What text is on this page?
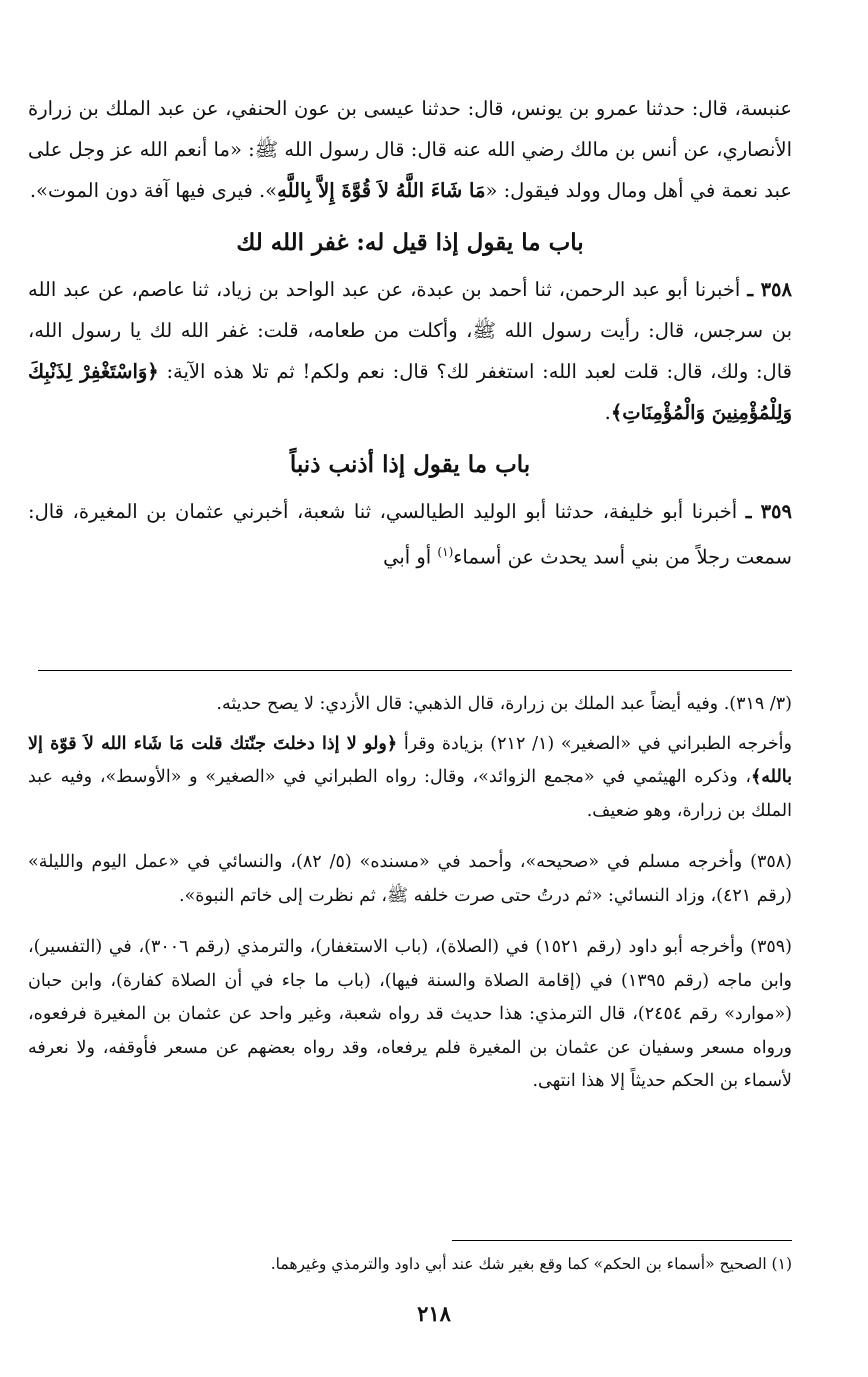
عنبسة، قال: حدثنا عمرو بن يونس، قال: حدثنا عيسى بن عون الحنفي، عن عبد الملك بن زرارة الأنصاري، عن أنس بن مالك رضي الله عنه قال: قال رسول الله ﷺ: «ما أنعم الله عز وجل على عبد نعمة في أهل ومال وولد فيقول: «مَا شَاءَ اللَّهُ لاَ قُوَّةَ إِلاَّ بِاللَّهِ». فيرى فيها آفة دون الموت».

باب ما يقول إذا قيل له: غفر الله لك

٣٥٨ ـ أخبرنا أبو عبد الرحمن، ثنا أحمد بن عبدة، عن عبد الواحد بن زياد، ثنا عاصم، عن عبد الله بن سرجس، قال: رأيت رسول الله ﷺ، وأكلت من طعامه، قلت: غفر الله لك يا رسول الله، قال: ولك، قال: قلت لعبد الله: استغفر لك؟ قال: نعم ولكم! ثم تلا هذه الآية: ﴿وَاسْتَغْفِرْ لِذَنْبِكَ وَلِلْمُؤْمِنِينَ وَالْمُؤْمِنَاتِ﴾.

باب ما يقول إذا أذنب ذنباً

٣٥٩ ـ أخبرنا أبو خليفة، حدثنا أبو الوليد الطيالسي، ثنا شعبة، أخبرني عثمان بن المغيرة، قال: سمعت رجلاً من بني أسد يحدث عن أسماء$^{(١)}$ أو أبي

(٣/ ٣١٩). وفيه أيضاً عبد الملك بن زرارة، قال الذهبي: قال الأزدي: لا يصح حديثه.

وأخرجه الطبراني في «الصغير» (١/ ٢١٢) بزيادة وقرأ ﴿ولو لا إذا دخلتَ جنّتك قلت مَا شَاء الله لاَ قوّة إلا بالله﴾، وذكره الهيثمي في «مجمع الزوائد»، وقال: رواه الطبراني في «الصغير» و «الأوسط»، وفيه عبد الملك بن زرارة، وهو ضعيف.

(٣٥٨) وأخرجه مسلم في «صحيحه»، وأحمد في «مسنده» (٥/ ٨٢)، والنسائي في «عمل اليوم والليلة» (رقم ٤٢١)، وزاد النسائي: «ثم درتُ حتى صرت خلفه ﷺ، ثم نظرت إلى خاتم النبوة».

(٣٥٩) وأخرجه أبو داود (رقم ١٥٢١) في (الصلاة)، (باب الاستغفار)، والترمذي (رقم ٣٠٠٦)، في (التفسير)، وابن ماجه (رقم ١٣٩٥) في (إقامة الصلاة والسنة فيها)، (باب ما جاء في أن الصلاة كفارة)، وابن حبان («موارد» رقم ٢٤٥٤)، قال الترمذي: هذا حديث قد رواه شعبة، وغير واحد عن عثمان بن المغيرة فرفعوه، ورواه مسعر وسفيان عن عثمان بن المغيرة فلم يرفعاه، وقد رواه بعضهم عن مسعر فأوقفه، ولا نعرفه لأسماء بن الحكم حديثاً إلا هذا انتهى.

(١) الصحيح «أسماء بن الحكم» كما وقع بغير شك عند أبي داود والترمذي وغيرهما.

٢١٨
